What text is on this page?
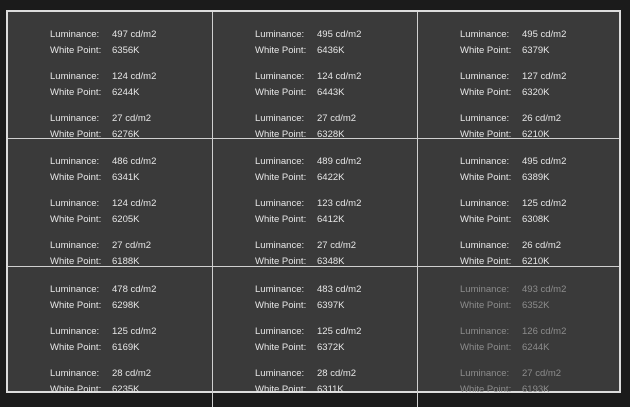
Luminance:	497 cd/m2
White Point:	6356K
Luminance:	124 cd/m2
White Point:	6244K
Luminance:	27 cd/m2
White Point:	6276K
Luminance:	495 cd/m2
White Point:	6436K
Luminance:	124 cd/m2
White Point:	6443K
Luminance:	27 cd/m2
White Point:	6328K
Luminance:	495 cd/m2
White Point:	6379K
Luminance:	127 cd/m2
White Point:	6320K
Luminance:	26 cd/m2
White Point:	6210K
Luminance:	486 cd/m2
White Point:	6341K
Luminance:	124 cd/m2
White Point:	6205K
Luminance:	27 cd/m2
White Point:	6188K
Luminance:	489 cd/m2
White Point:	6422K
Luminance:	123 cd/m2
White Point:	6412K
Luminance:	27 cd/m2
White Point:	6348K
Luminance:	495 cd/m2
White Point:	6389K
Luminance:	125 cd/m2
White Point:	6308K
Luminance:	26 cd/m2
White Point:	6210K
Luminance:	478 cd/m2
White Point:	6298K
Luminance:	125 cd/m2
White Point:	6169K
Luminance:	28 cd/m2
White Point:	6235K
Luminance:	483 cd/m2
White Point:	6397K
Luminance:	125 cd/m2
White Point:	6372K
Luminance:	28 cd/m2
White Point:	6311K
Luminance:	493 cd/m2
White Point:	6352K
Luminance:	126 cd/m2
White Point:	6244K
Luminance:	27 cd/m2
White Point:	6193K
